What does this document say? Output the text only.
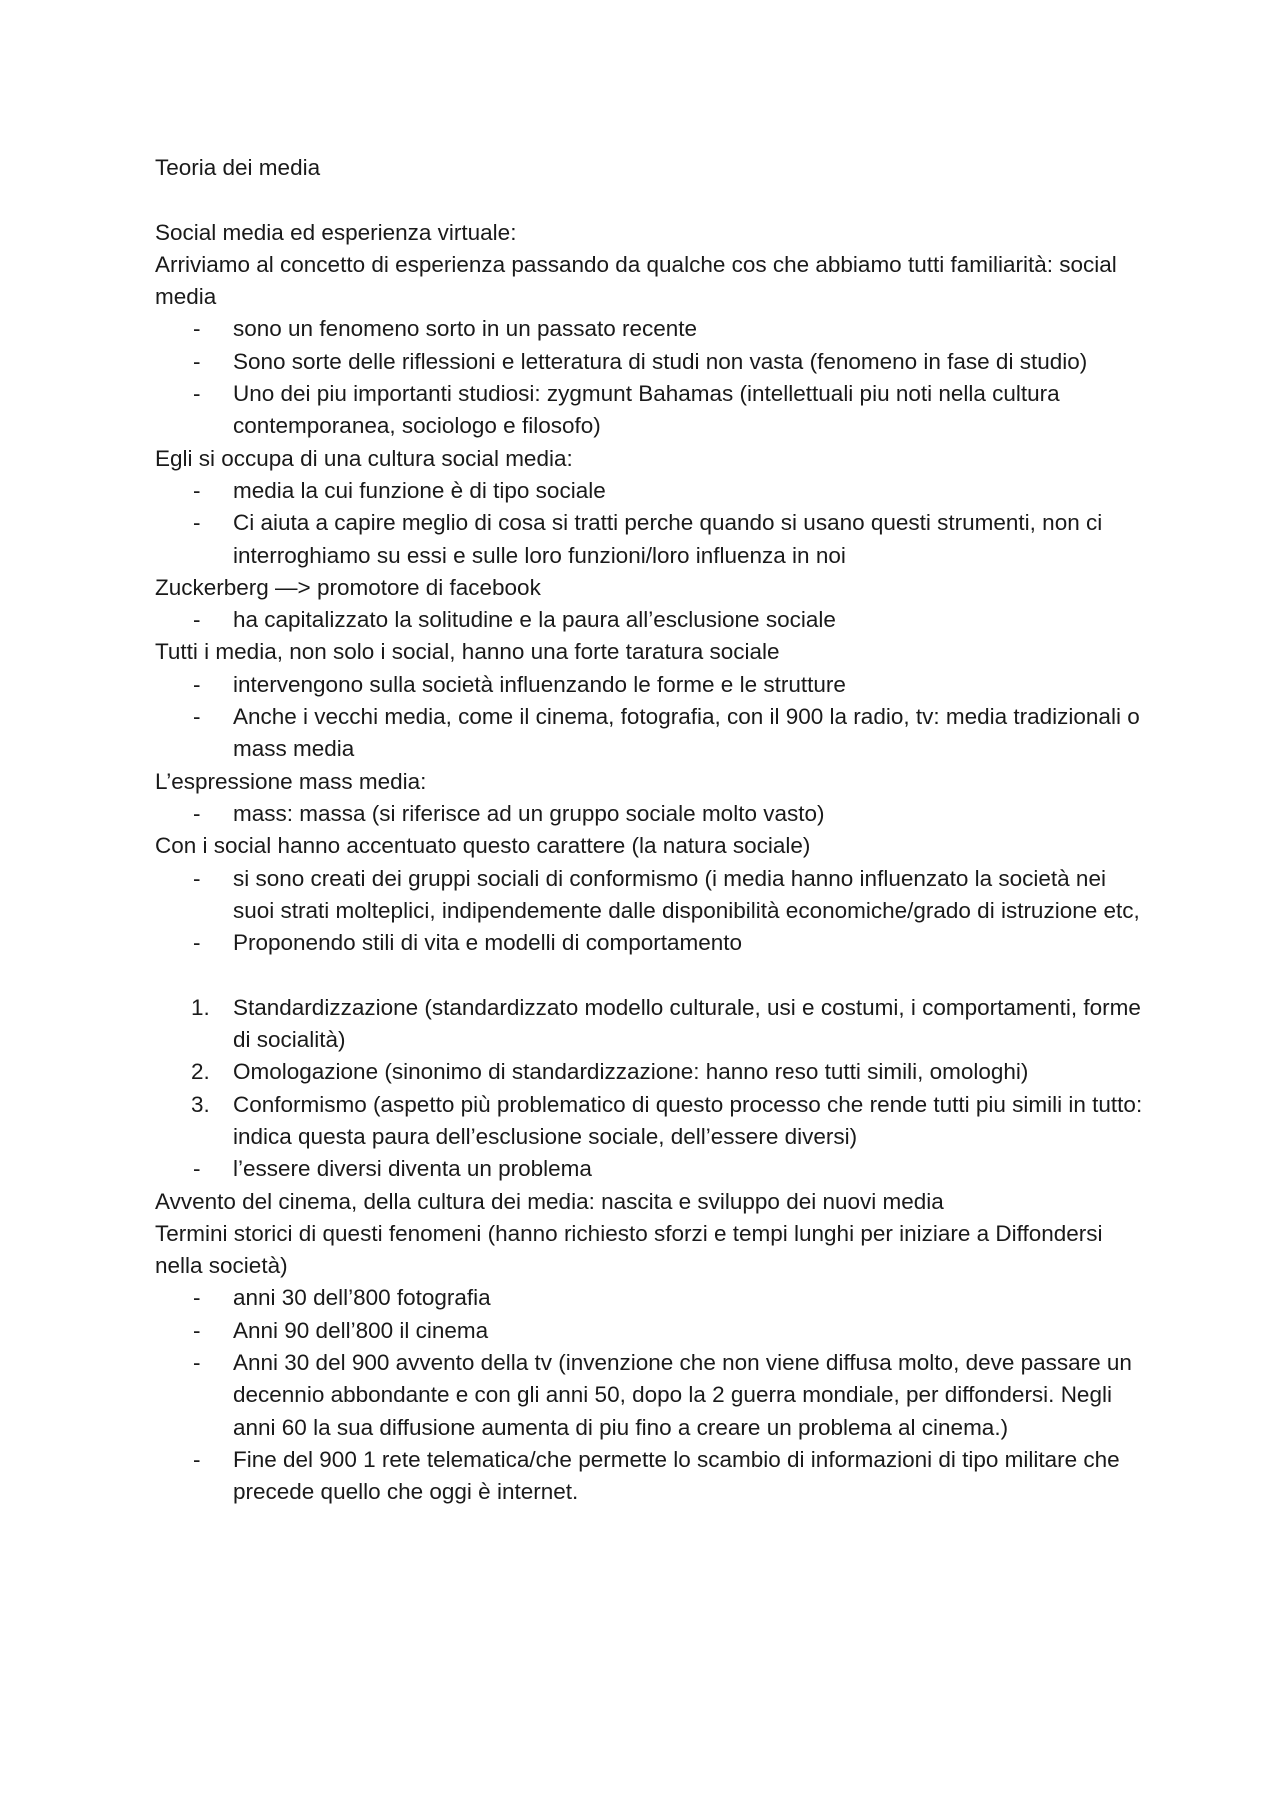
Teoria dei media

Social media ed esperienza virtuale:

Arriviamo al concetto di esperienza passando da qualche cos che abbiamo tutti familiarità: social media

- sono un fenomeno sorto in un passato recente
- Sono sorte delle riflessioni e letteratura di studi non vasta (fenomeno in fase di studio)
- Uno dei piu importanti studiosi: zygmunt Bahamas (intellettuali piu noti nella cultura contemporanea, sociologo e filosofo)

Egli si occupa di una cultura social media:

- media la cui funzione è di tipo sociale
- Ci aiuta a capire meglio di cosa si tratti perche quando si usano questi strumenti, non ci interroghiamo su essi e sulle loro funzioni/loro influenza in noi

Zuckerberg —> promotore di facebook

- ha capitalizzato la solitudine e la paura all’esclusione sociale

Tutti i media, non solo i social, hanno una forte taratura sociale

- intervengono sulla società influenzando le forme e le strutture
- Anche i vecchi media, come il cinema, fotografia, con il 900 la radio, tv: media tradizionali o mass media

L’espressione mass media:

- mass: massa (si riferisce ad un gruppo sociale molto vasto)

Con i social hanno accentuato questo carattere (la natura sociale)

- si sono creati dei gruppi sociali di conformismo (i media hanno influenzato la società nei suoi strati molteplici, indipendemente dalle disponibilità economiche/grado di istruzione etc,
- Proponendo stili di vita e modelli di comportamento
1. Standardizzazione (standardizzato modello culturale, usi e costumi, i comportamenti, forme di socialità)
2. Omologazione (sinonimo di standardizzazione: hanno reso tutti simili, omologhi)
3. Conformismo (aspetto più problematico di questo processo che rende tutti piu simili in tutto: indica questa paura dell’esclusione sociale, dell’essere diversi)
- l’essere diversi diventa un problema

Avvento del cinema, della cultura dei media: nascita e sviluppo dei nuovi media

Termini storici di questi fenomeni (hanno richiesto sforzi e tempi lunghi per iniziare a Diffondersi nella società)

- anni 30 dell’800 fotografia
- Anni 90 dell’800 il cinema
- Anni 30 del 900 avvento della tv (invenzione che non viene diffusa molto, deve passare un decennio abbondante e con gli anni 50, dopo la 2 guerra mondiale, per diffondersi. Negli anni 60 la sua diffusione aumenta di piu fino a creare un problema al cinema.)
- Fine del 900 1 rete telematica/che permette lo scambio di informazioni di tipo militare che precede quello che oggi è internet.
